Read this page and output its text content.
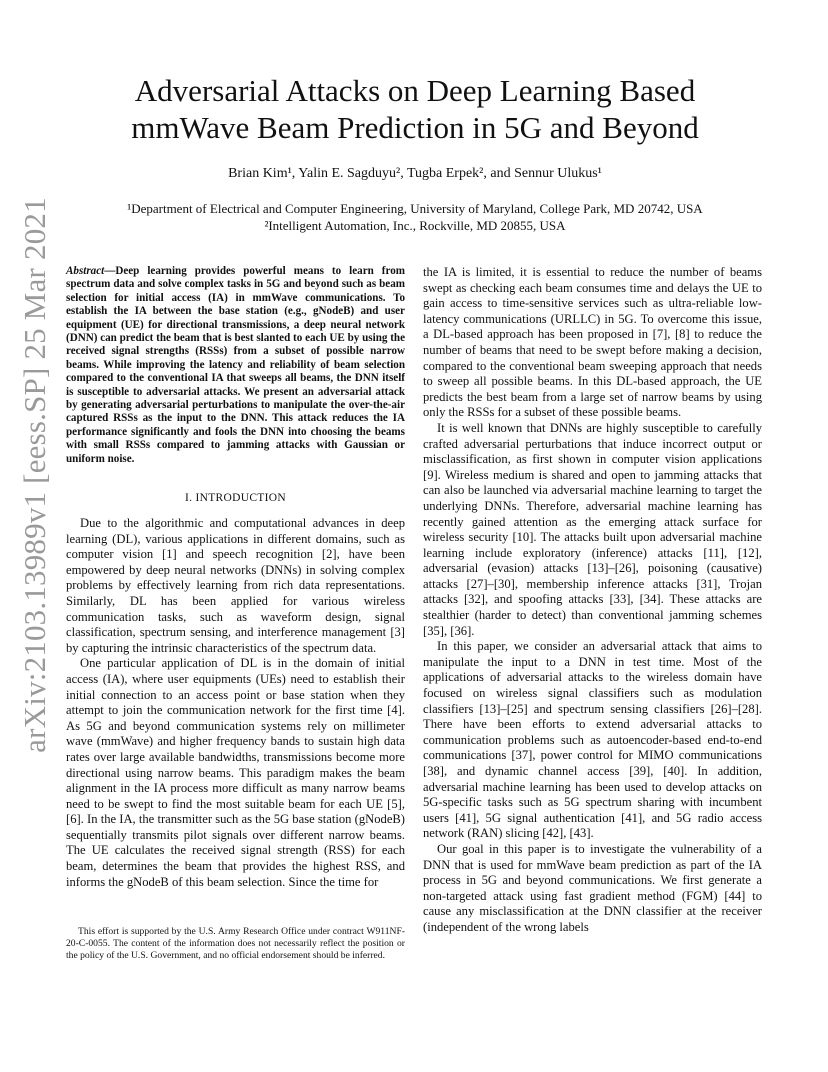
arXiv:2103.13989v1 [eess.SP] 25 Mar 2021
Adversarial Attacks on Deep Learning Based
mmWave Beam Prediction in 5G and Beyond
Brian Kim¹, Yalin E. Sagduyu², Tugba Erpek², and Sennur Ulukus¹
¹Department of Electrical and Computer Engineering, University of Maryland, College Park, MD 20742, USA
²Intelligent Automation, Inc., Rockville, MD 20855, USA
Abstract—Deep learning provides powerful means to learn from spectrum data and solve complex tasks in 5G and beyond such as beam selection for initial access (IA) in mmWave communications. To establish the IA between the base station (e.g., gNodeB) and user equipment (UE) for directional transmissions, a deep neural network (DNN) can predict the beam that is best slanted to each UE by using the received signal strengths (RSSs) from a subset of possible narrow beams. While improving the latency and reliability of beam selection compared to the conventional IA that sweeps all beams, the DNN itself is susceptible to adversarial attacks. We present an adversarial attack by generating adversarial perturbations to manipulate the over-the-air captured RSSs as the input to the DNN. This attack reduces the IA performance significantly and fools the DNN into choosing the beams with small RSSs compared to jamming attacks with Gaussian or uniform noise.
I. INTRODUCTION

Due to the algorithmic and computational advances in deep learning (DL), various applications in different domains, such as computer vision [1] and speech recognition [2], have been empowered by deep neural networks (DNNs) in solving complex problems by effectively learning from rich data representations. Similarly, DL has been applied for various wireless communication tasks, such as waveform design, signal classification, spectrum sensing, and interference management [3] by capturing the intrinsic characteristics of the spectrum data.

One particular application of DL is in the domain of initial access (IA), where user equipments (UEs) need to establish their initial connection to an access point or base station when they attempt to join the communication network for the first time [4]. As 5G and beyond communication systems rely on millimeter wave (mmWave) and higher frequency bands to sustain high data rates over large available bandwidths, transmissions become more directional using narrow beams. This paradigm makes the beam alignment in the IA process more difficult as many narrow beams need to be swept to find the most suitable beam for each UE [5], [6]. In the IA, the transmitter such as the 5G base station (gNodeB) sequentially transmits pilot signals over different narrow beams. The UE calculates the received signal strength (RSS) for each beam, determines the beam that provides the highest RSS, and informs the gNodeB of this beam selection. Since the time for

This effort is supported by the U.S. Army Research Office under contract W911NF-20-C-0055. The content of the information does not necessarily reflect the position or the policy of the U.S. Government, and no official endorsement should be inferred.

the IA is limited, it is essential to reduce the number of beams swept as checking each beam consumes time and delays the UE to gain access to time-sensitive services such as ultra-reliable low-latency communications (URLLC) in 5G. To overcome this issue, a DL-based approach has been proposed in [7], [8] to reduce the number of beams that need to be swept before making a decision, compared to the conventional beam sweeping approach that needs to sweep all possible beams. In this DL-based approach, the UE predicts the best beam from a large set of narrow beams by using only the RSSs for a subset of these possible beams.

It is well known that DNNs are highly susceptible to carefully crafted adversarial perturbations that induce incorrect output or misclassification, as first shown in computer vision applications [9]. Wireless medium is shared and open to jamming attacks that can also be launched via adversarial machine learning to target the underlying DNNs. Therefore, adversarial machine learning has recently gained attention as the emerging attack surface for wireless security [10]. The attacks built upon adversarial machine learning include exploratory (inference) attacks [11], [12], adversarial (evasion) attacks [13]–[26], poisoning (causative) attacks [27]–[30], membership inference attacks [31], Trojan attacks [32], and spoofing attacks [33], [34]. These attacks are stealthier (harder to detect) than conventional jamming schemes [35], [36].

In this paper, we consider an adversarial attack that aims to manipulate the input to a DNN in test time. Most of the applications of adversarial attacks to the wireless domain have focused on wireless signal classifiers such as modulation classifiers [13]–[25] and spectrum sensing classifiers [26]–[28]. There have been efforts to extend adversarial attacks to communication problems such as autoencoder-based end-to-end communications [37], power control for MIMO communications [38], and dynamic channel access [39], [40]. In addition, adversarial machine learning has been used to develop attacks on 5G-specific tasks such as 5G spectrum sharing with incumbent users [41], 5G signal authentication [41], and 5G radio access network (RAN) slicing [42], [43].

Our goal in this paper is to investigate the vulnerability of a DNN that is used for mmWave beam prediction as part of the IA process in 5G and beyond communications. We first generate a non-targeted attack using fast gradient method (FGM) [44] to cause any misclassification at the DNN classifier at the receiver (independent of the wrong labels
